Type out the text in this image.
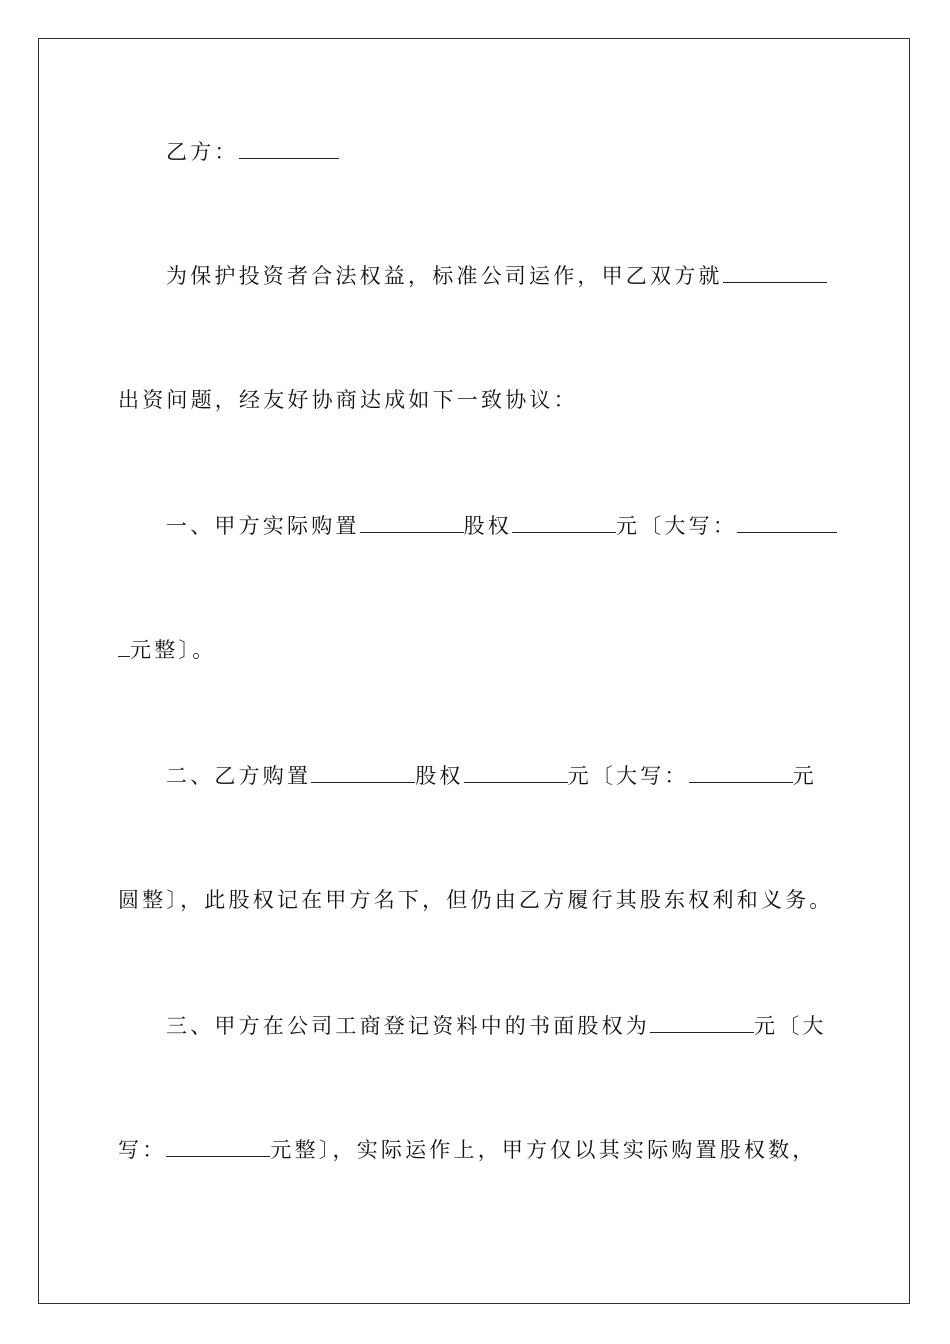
乙方：
为保护投资者合法权益，标准公司运作，甲乙双方就
出资问题，经友好协商达成如下一致协议：
一、甲方实际购置	股权	元〔大写：
元整〕。
二、乙方购置	股权	元〔大写：	元
圆整〕，此股权记在甲方名下，但仍由乙方履行其股东权利和义务。
三、甲方在公司工商登记资料中的书面股权为	元〔大
写：	元整〕，实际运作上，甲方仅以其实际购置股权数，
